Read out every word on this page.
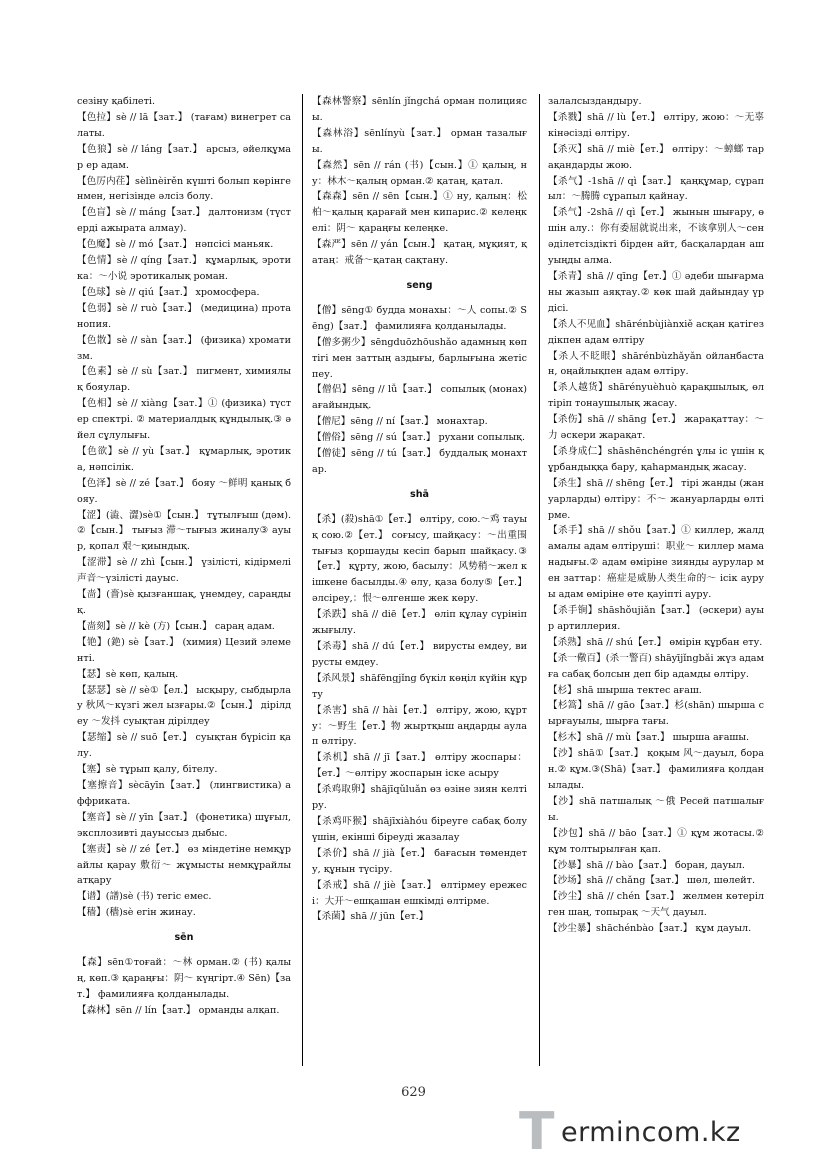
сезіну қабілеті.

【色拉】sè // lā【зат.】 (тағам) винегрет салаты.

【色狼】sè // láng【зат.】 арсыз, әйелқұмар ер адам.

【色厉内荏】sèlìnèirěn күшті болып көрінгенмен, негізінде әлсіз болу.

【色盲】sè // máng【зат.】 далтонизм (түстерді ажырата алмау).

【色魔】sè // mó【зат.】 нәпсісі маньяк.

【色情】sè // qíng【зат.】 құмарлық, эротика：～小说 эротикалық роман.

【色球】sè // qiú【зат.】 хромосфера.

【色弱】sè // ruò【зат.】 (медицина) протанопия.

【色散】sè // sàn【зат.】 (физика) хроматизм.

【色素】sè // sù【зат.】 пигмент, химиялық бояулар.

【色相】sè // xiàng【зат.】① (физика) түстер спектрі. ② материалдық құндылық.③ әйел сұлулығы.

【色欲】sè // yù【зат.】 құмарлық, эротика, нәпсілік.

【色泽】sè // zé【зат.】 бояу ～鲜明 қанық бояу.

【涩】(澁、澀)sè①【сын.】 тұтылғыш (дәм).②【сын.】 тығыз 滞～тығыз жиналу③ ауыр, қопал 艰～қиындық.

【涩滞】sè // zhì【сын.】 үзілісті, кідірмелі 声音～үзілісті дауыс.

【啬】(嗇)sè қызғаншақ, үнемдеу, сараңдық.

【啬刻】sè // kè (方)【сын.】 сараң адам.

【铯】(銫) sè【зат.】 (химия) Цезий элементі.

【瑟】sè көп, қалың.

【瑟瑟】sè // sè①【ел.】 ысқыру, сыбдырлау 秋风～күзгі жел ызғары.②【сын.】 дірілдеу ～发抖 суықтан дірілдеу

【瑟缩】sè // suō【ет.】 суықтан бүрісіп қалу.

【塞】sè тұрып қалу, бітелу.

【塞擦音】sècāyīn【зат.】 (лингвистика) аффриката.

【塞音】sè // yīn【зат.】 (фонетика) шұғыл, эксплозивті дауыссыз дыбыс.

【塞责】sè // zé【ет.】 өз міндетіне немқұрайлы қарау 敷衍～ жұмысты немқұрайлы атқару

【谱】(譜)sè (书) тегіс емес.

【穑】(穡)sè егін жинау.

sēn

【森】sēn①тоғай：～林 орман.② (书) қалың, көп.③ қараңғы：阴～ күңгірт.④ Sēn)【зат.】 фамилияға қолданылады.

【森林】sēn // lín【зат.】 орманды алқап.

【森林警察】sēnlín jǐngchá орман полициясы.

【森林浴】sēnlínyù【зат.】 орман тазалығы.

【森然】sēn // rán (书)【сын.】① қалың, ну：林木～қалың орман.② қатаң, қатал.

【森森】sēn // sēn【сын.】① ну, қалың：松柏～қалың қарағай мен кипарис.② келеңкелі：阴～ қараңғы келеңке.

【森严】sēn // yán【сын.】 қатаң, мұқият, қатаң：戒备～қатаң сақтану.

seng

【僧】sēng① будда монахы：～人 сопы.② Sēng)【зат.】 фамилияға қолданылады.

【僧多粥少】sēngduōzhōushǎo адамның көптігі мен заттың аздығы, барлығына жетіспеу.

【僧侣】sēng // lǚ【зат.】 сопылық (монах) ағайындық.

【僧尼】sēng // ní【зат.】 монахтар.

【僧俗】sēng // sú【зат.】 рухани сопылық.

【僧徒】sēng // tú【зат.】 буддалық монахтар.

shā

【杀】(殺)shā①【ет.】 өлтіру, сою.～鸡 тауық сою.②【ет.】 соғысу, шайқасу：～出重围 тығыз қоршауды кесіп барып шайқасу.③【ет.】 құрту, жою, басылу：风势稍～жел кішкене басылды.④ өлу, қаза болу⑤【ет.】 әлсіреу,：恨～өлгенше жек көру.

【杀跌】shā // diē【ет.】 өліп құлау сүрініп жығылу.

【杀毒】shā // dú【ет.】 вирусты емдеу, вирусты емдеу.

【杀风景】shāfēngjǐng бүкіл көңіл күйін құрту

【杀害】shā // hài【ет.】 өлтіру, жою, құрту：～野生【ет.】物 жыртқыш аңдарды аулап өлтіру.

【杀机】shā // jī【зат.】 өлтіру жоспары：【ет.】～өлтіру жоспарын іске асыру

【杀鸡取卵】shājīqǔluǎn өз өзіне зиян келтіру.

【杀鸡吓猴】shājīxiàhóu біреуге сабақ болу үшін, екінші біреуді жазалау

【杀价】shā // jià【ет.】 бағасын төмендету, құнын түсіру.

【杀戒】shā // jiè【зат.】 өлтірмеу ережесі：大开～ешқашан ешкімді өлтірме.

【杀菌】shā // jūn【ет.】

залалсыздандыру.

【杀戮】shā // lù【ет.】 өлтіру, жою：～无辜 кінәсізді өлтіру.

【杀灭】shā // miè【ет.】 өлтіру：～蟑螂 тарақандарды жою.

【杀气】-1shā // qì【зат.】 қаңқұмар, сұрапыл：～腾腾 сұрапыл қайнау.

【杀气】-2shā // qì【ет.】 жынын шығару, өшін алу.：你有委屈就说出来，不该拿别人～сен әділетсіздікті бірден айт, басқалардан ашуыңды алма.

【杀青】shā // qīng【ет.】① әдеби шығарманы жазып аяқтау.② көк шай дайындау үрдісі.

【杀人不见血】shārénbùjiànxiě асқан қатігездікпен адам өлтіру

【杀人不眨眼】shārénbùzhǎyǎn ойланбастан, оңайлықпен адам өлтіру.

【杀人越货】shārényuèhuò қарақшылық, өлтіріп тонаушылық жасау.

【杀伤】shā // shāng【ет.】 жарақаттау：～力 әскери жарақат.

【杀身成仁】shāshēnchéngrén ұлы іс үшін құрбандыққа бару, қаһармандық жасау.

【杀生】shā // shēng【ет.】 тірі жанды (жануарларды) өлтіру：不～ жануарларды өлтірме.

【杀手】shā // shǒu【зат.】① киллер, жалдамалы адам өлтіруші：职业～ киллер маманадығы.② адам өміріне зиянды аурулар мен заттар：癌症是威胁人类生命的～ ісік ауруы адам өміріне өте қауіпті ауру.

【杀手锏】shāshǒujiǎn【зат.】 (әскери) ауыр артиллерия.

【杀熟】shā // shú【ет.】 өмірін құрбан ету.

【杀一儆百】(杀一警百) shāyījǐngbǎi жүз адамға сабақ болсын деп бір адамды өлтіру.

【杉】shā шырша тектес ағаш.

【杉篙】shā // gāo【зат.】杉(shān) шырша сырғауылы, шырға тағы.

【杉木】shā // mù【зат.】 шырша ағашы.

【沙】shā①【зат.】 қоқым 风～дауыл, боран.② құм.③(Shā)【зат.】 фамилияға қолданылады.

【沙】shā патшалық ～俄 Ресей патшалығы.

【沙包】shā // bāo【зат.】① құм жотасы.② құм толтырылған қап.

【沙暴】shā // bào【зат.】 боран, дауыл.

【沙场】shā // chǎng【зат.】 шөл, шөлейт.

【沙尘】shā // chén【зат.】 желмен көтерілген шаң, топырақ ～天气 дауыл.

【沙尘暴】shāchénbào【зат.】 құм дауыл.

629
T ermincom.kz
